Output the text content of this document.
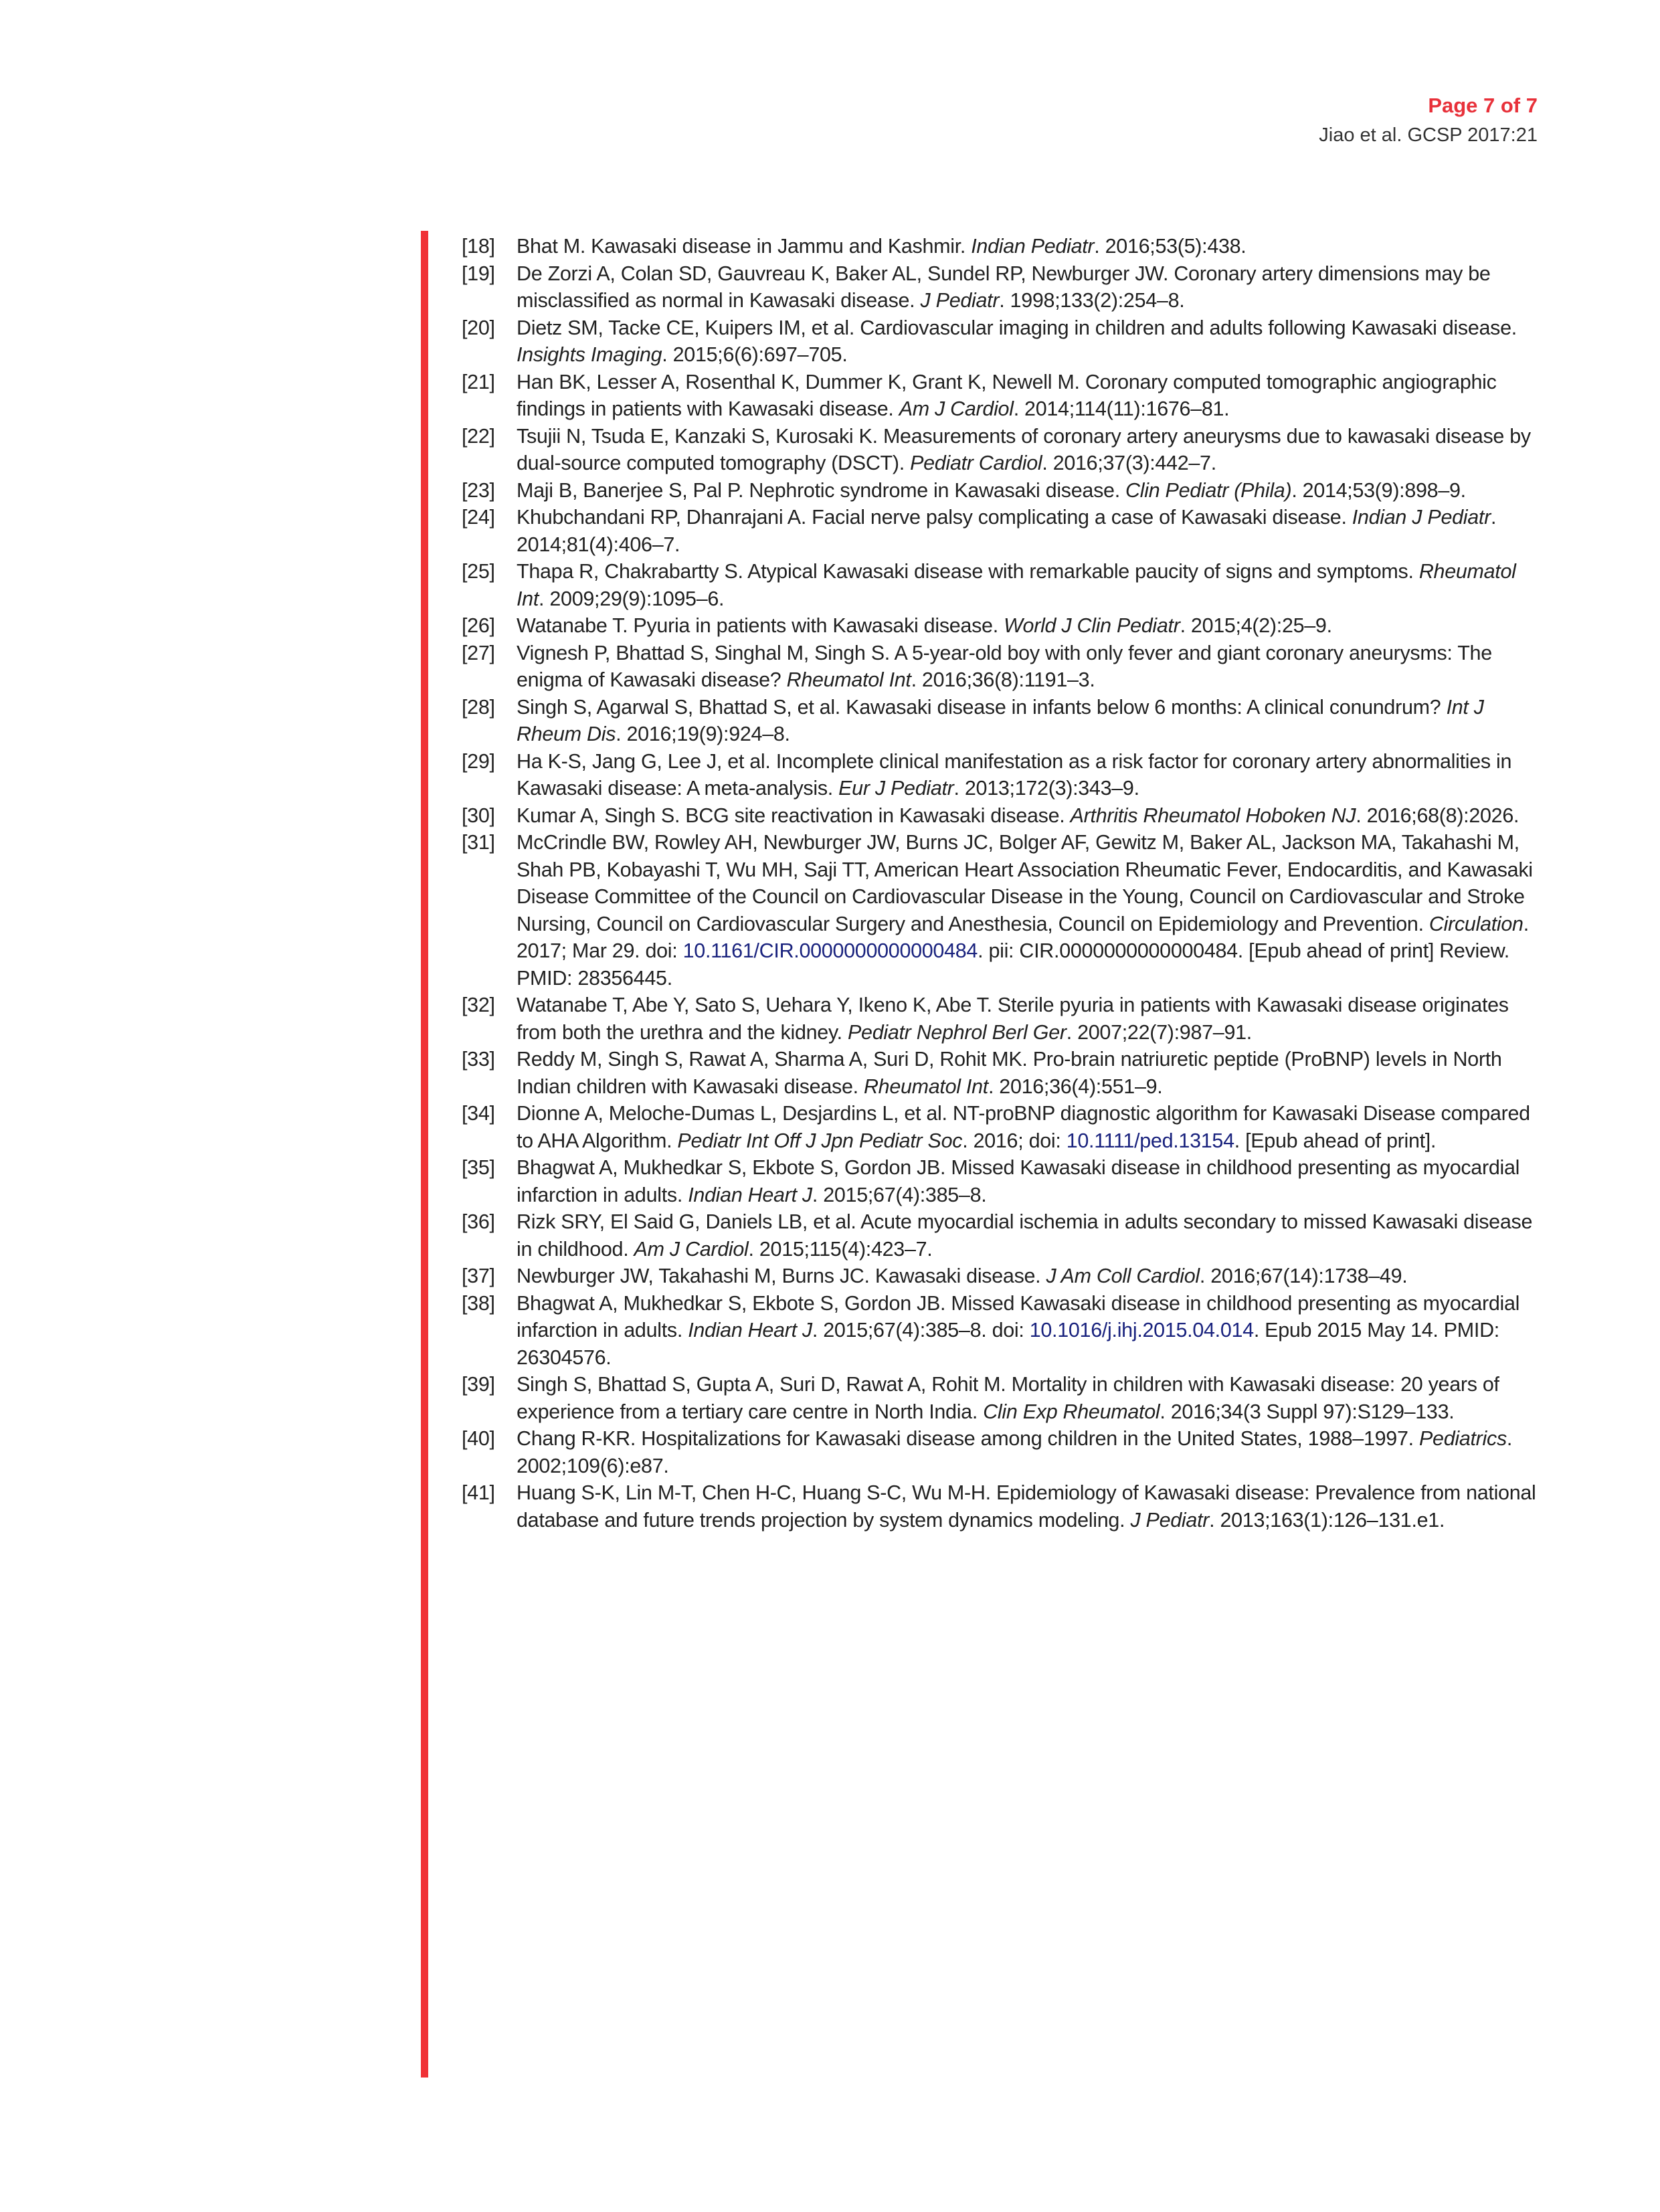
Page 7 of 7
Jiao et al. GCSP 2017:21
[18]	Bhat M. Kawasaki disease in Jammu and Kashmir. Indian Pediatr. 2016;53(5):438.
[19]	De Zorzi A, Colan SD, Gauvreau K, Baker AL, Sundel RP, Newburger JW. Coronary artery dimensions may be misclassified as normal in Kawasaki disease. J Pediatr. 1998;133(2):254–8.
[20]	Dietz SM, Tacke CE, Kuipers IM, et al. Cardiovascular imaging in children and adults following Kawasaki disease. Insights Imaging. 2015;6(6):697–705.
[21]	Han BK, Lesser A, Rosenthal K, Dummer K, Grant K, Newell M. Coronary computed tomographic angiographic findings in patients with Kawasaki disease. Am J Cardiol. 2014;114(11):1676–81.
[22]	Tsujii N, Tsuda E, Kanzaki S, Kurosaki K. Measurements of coronary artery aneurysms due to kawasaki disease by dual-source computed tomography (DSCT). Pediatr Cardiol. 2016;37(3):442–7.
[23]	Maji B, Banerjee S, Pal P. Nephrotic syndrome in Kawasaki disease. Clin Pediatr (Phila). 2014;53(9):898–9.
[24]	Khubchandani RP, Dhanrajani A. Facial nerve palsy complicating a case of Kawasaki disease. Indian J Pediatr. 2014;81(4):406–7.
[25]	Thapa R, Chakrabartty S. Atypical Kawasaki disease with remarkable paucity of signs and symptoms. Rheumatol Int. 2009;29(9):1095–6.
[26]	Watanabe T. Pyuria in patients with Kawasaki disease. World J Clin Pediatr. 2015;4(2):25–9.
[27]	Vignesh P, Bhattad S, Singhal M, Singh S. A 5-year-old boy with only fever and giant coronary aneurysms: The enigma of Kawasaki disease? Rheumatol Int. 2016;36(8):1191–3.
[28]	Singh S, Agarwal S, Bhattad S, et al. Kawasaki disease in infants below 6 months: A clinical conundrum? Int J Rheum Dis. 2016;19(9):924–8.
[29]	Ha K-S, Jang G, Lee J, et al. Incomplete clinical manifestation as a risk factor for coronary artery abnormalities in Kawasaki disease: A meta-analysis. Eur J Pediatr. 2013;172(3):343–9.
[30]	Kumar A, Singh S. BCG site reactivation in Kawasaki disease. Arthritis Rheumatol Hoboken NJ. 2016;68(8):2026.
[31]	McCrindle BW, Rowley AH, Newburger JW, Burns JC, Bolger AF, Gewitz M, Baker AL, Jackson MA, Takahashi M, Shah PB, Kobayashi T, Wu MH, Saji TT, American Heart Association Rheumatic Fever, Endocarditis, and Kawasaki Disease Committee of the Council on Cardiovascular Disease in the Young, Council on Cardiovascular and Stroke Nursing, Council on Cardiovascular Surgery and Anesthesia, Council on Epidemiology and Prevention. Circulation. 2017; Mar 29. doi: 10.1161/CIR.0000000000000484. pii: CIR.0000000000000484. [Epub ahead of print] Review. PMID: 28356445.
[32]	Watanabe T, Abe Y, Sato S, Uehara Y, Ikeno K, Abe T. Sterile pyuria in patients with Kawasaki disease originates from both the urethra and the kidney. Pediatr Nephrol Berl Ger. 2007;22(7):987–91.
[33]	Reddy M, Singh S, Rawat A, Sharma A, Suri D, Rohit MK. Pro-brain natriuretic peptide (ProBNP) levels in North Indian children with Kawasaki disease. Rheumatol Int. 2016;36(4):551–9.
[34]	Dionne A, Meloche-Dumas L, Desjardins L, et al. NT-proBNP diagnostic algorithm for Kawasaki Disease compared to AHA Algorithm. Pediatr Int Off J Jpn Pediatr Soc. 2016; doi: 10.1111/ped.13154. [Epub ahead of print].
[35]	Bhagwat A, Mukhedkar S, Ekbote S, Gordon JB. Missed Kawasaki disease in childhood presenting as myocardial infarction in adults. Indian Heart J. 2015;67(4):385–8.
[36]	Rizk SRY, El Said G, Daniels LB, et al. Acute myocardial ischemia in adults secondary to missed Kawasaki disease in childhood. Am J Cardiol. 2015;115(4):423–7.
[37]	Newburger JW, Takahashi M, Burns JC. Kawasaki disease. J Am Coll Cardiol. 2016;67(14):1738–49.
[38]	Bhagwat A, Mukhedkar S, Ekbote S, Gordon JB. Missed Kawasaki disease in childhood presenting as myocardial infarction in adults. Indian Heart J. 2015;67(4):385–8. doi: 10.1016/j.ihj.2015.04.014. Epub 2015 May 14. PMID: 26304576.
[39]	Singh S, Bhattad S, Gupta A, Suri D, Rawat A, Rohit M. Mortality in children with Kawasaki disease: 20 years of experience from a tertiary care centre in North India. Clin Exp Rheumatol. 2016;34(3 Suppl 97):S129–133.
[40]	Chang R-KR. Hospitalizations for Kawasaki disease among children in the United States, 1988–1997. Pediatrics. 2002;109(6):e87.
[41]	Huang S-K, Lin M-T, Chen H-C, Huang S-C, Wu M-H. Epidemiology of Kawasaki disease: Prevalence from national database and future trends projection by system dynamics modeling. J Pediatr. 2013;163(1):126–131.e1.
